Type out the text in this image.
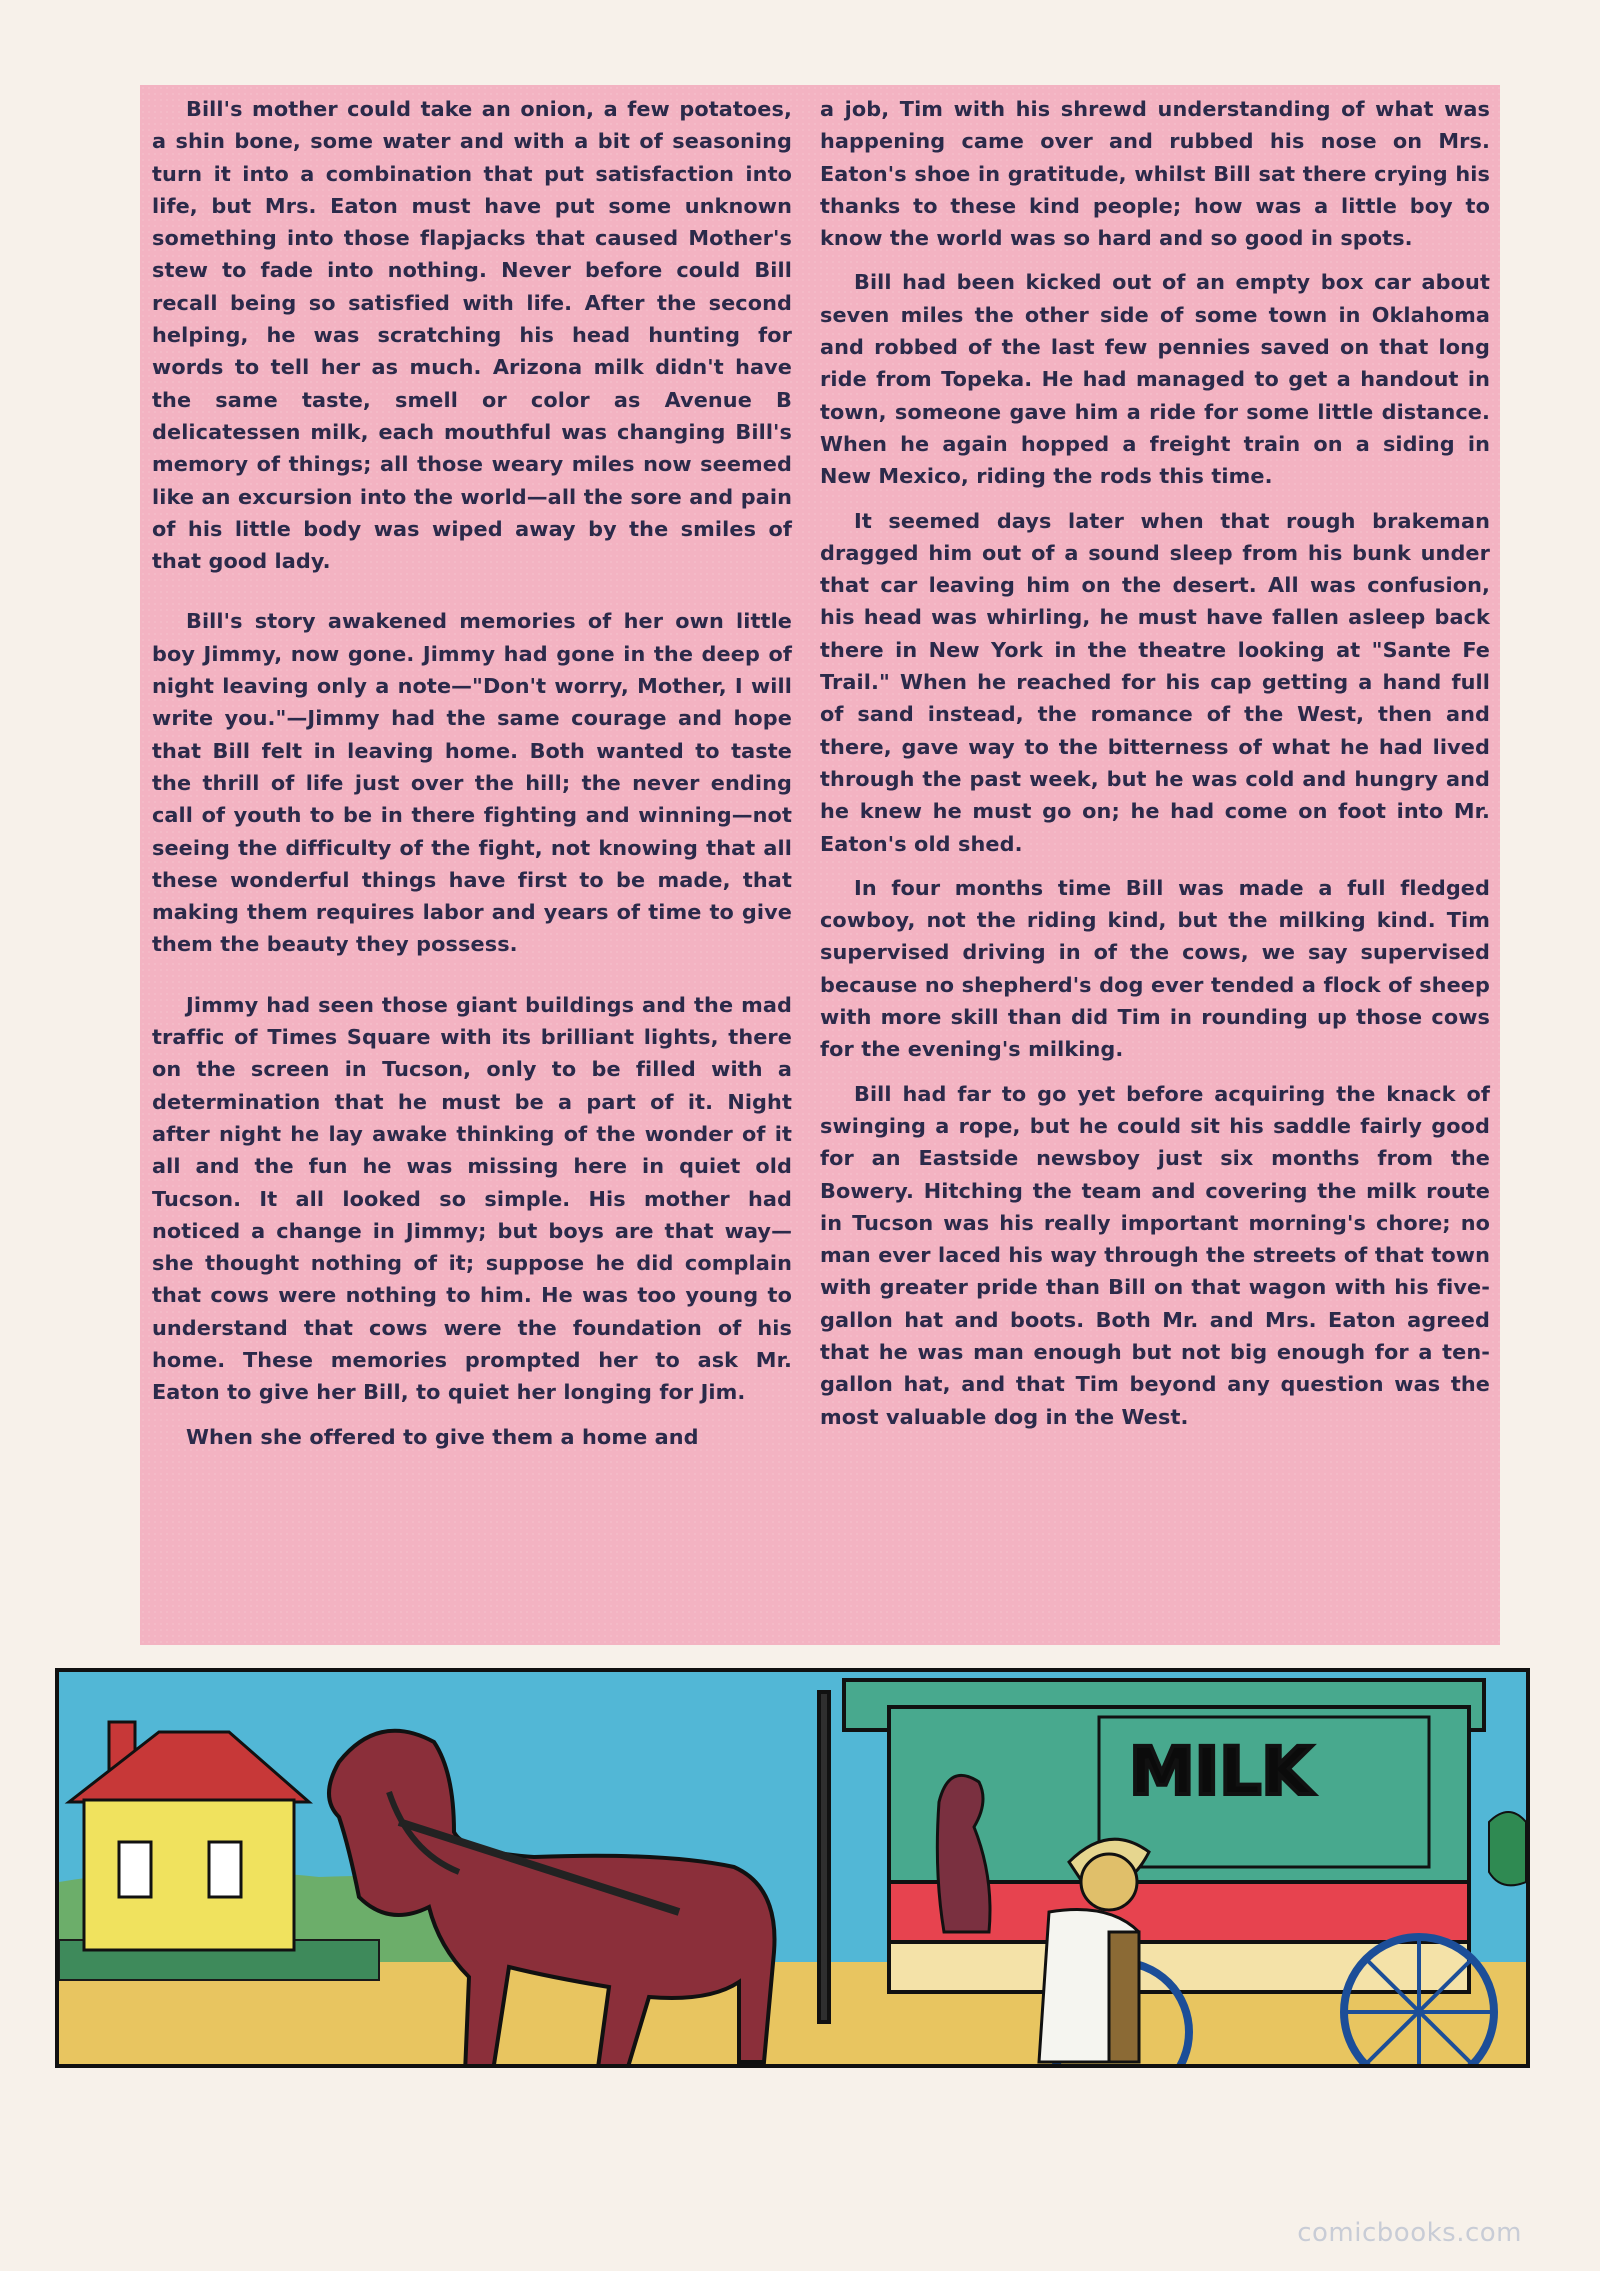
Bill's mother could take an onion, a few potatoes, a shin bone, some water and with a bit of seasoning turn it into a combination that put satisfaction into life, but Mrs. Eaton must have put some unknown something into those flapjacks that caused Mother's stew to fade into nothing. Never before could Bill recall being so satisfied with life. After the second helping, he was scratching his head hunting for words to tell her as much. Arizona milk didn't have the same taste, smell or color as Avenue B delicatessen milk, each mouthful was changing Bill's memory of things; all those weary miles now seemed like an excursion into the world—all the sore and pain of his little body was wiped away by the smiles of that good lady.

Bill's story awakened memories of her own little boy Jimmy, now gone. Jimmy had gone in the deep of night leaving only a note—"Don't worry, Mother, I will write you."—Jimmy had the same courage and hope that Bill felt in leaving home. Both wanted to taste the thrill of life just over the hill; the never ending call of youth to be in there fighting and winning—not seeing the difficulty of the fight, not knowing that all these wonderful things have first to be made, that making them requires labor and years of time to give them the beauty they possess.

Jimmy had seen those giant buildings and the mad traffic of Times Square with its brilliant lights, there on the screen in Tucson, only to be filled with a determination that he must be a part of it. Night after night he lay awake thinking of the wonder of it all and the fun he was missing here in quiet old Tucson. It all looked so simple. His mother had noticed a change in Jimmy; but boys are that way—she thought nothing of it; suppose he did complain that cows were nothing to him. He was too young to understand that cows were the foundation of his home. These memories prompted her to ask Mr. Eaton to give her Bill, to quiet her longing for Jim.

When she offered to give them a home and

a job, Tim with his shrewd understanding of what was happening came over and rubbed his nose on Mrs. Eaton's shoe in gratitude, whilst Bill sat there crying his thanks to these kind people; how was a little boy to know the world was so hard and so good in spots.

Bill had been kicked out of an empty box car about seven miles the other side of some town in Oklahoma and robbed of the last few pennies saved on that long ride from Topeka. He had managed to get a handout in town, someone gave him a ride for some little distance. When he again hopped a freight train on a siding in New Mexico, riding the rods this time.

It seemed days later when that rough brakeman dragged him out of a sound sleep from his bunk under that car leaving him on the desert. All was confusion, his head was whirling, he must have fallen asleep back there in New York in the theatre looking at "Sante Fe Trail." When he reached for his cap getting a hand full of sand instead, the romance of the West, then and there, gave way to the bitterness of what he had lived through the past week, but he was cold and hungry and he knew he must go on; he had come on foot into Mr. Eaton's old shed.

In four months time Bill was made a full fledged cowboy, not the riding kind, but the milking kind. Tim supervised driving in of the cows, we say supervised because no shepherd's dog ever tended a flock of sheep with more skill than did Tim in rounding up those cows for the evening's milking.

Bill had far to go yet before acquiring the knack of swinging a rope, but he could sit his saddle fairly good for an Eastside newsboy just six months from the Bowery. Hitching the team and covering the milk route in Tucson was his really important morning's chore; no man ever laced his way through the streets of that town with greater pride than Bill on that wagon with his five-gallon hat and boots. Both Mr. and Mrs. Eaton agreed that he was man enough but not big enough for a ten-gallon hat, and that Tim beyond any question was the most valuable dog in the West.

MILK
comicbooks.com
